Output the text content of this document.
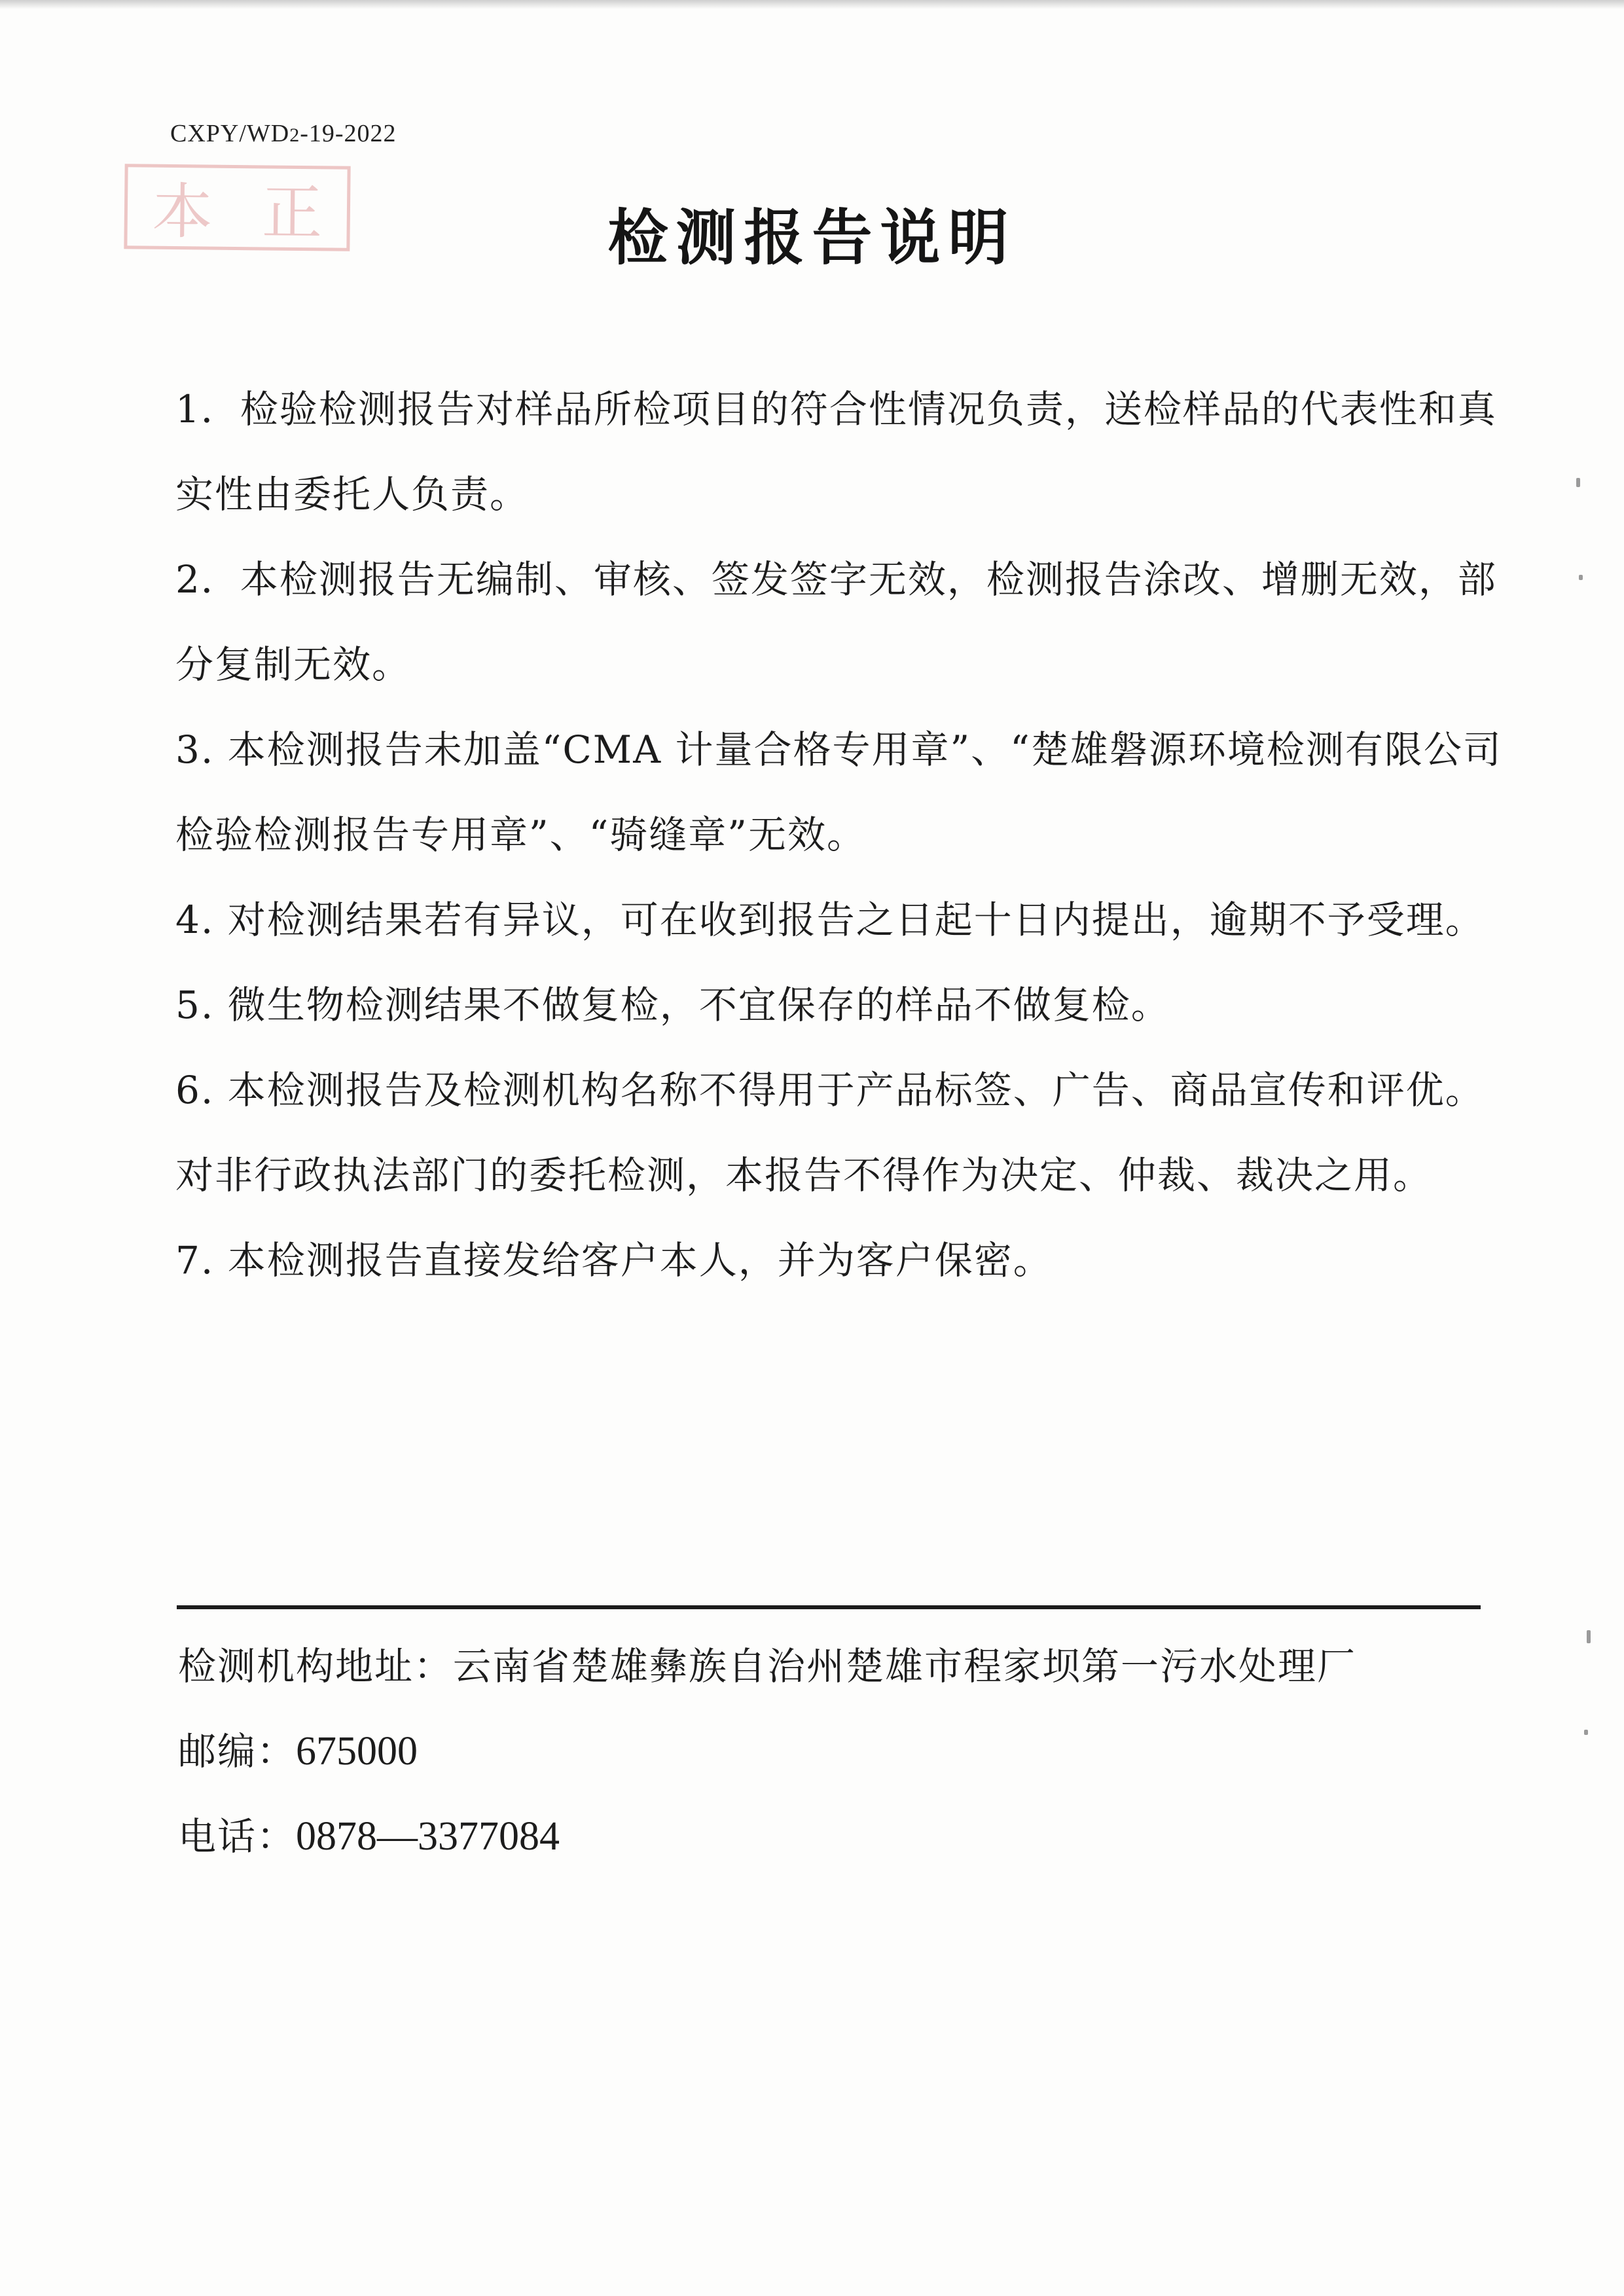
CXPY/WD2-19-2022
本 正	检测报告说明
1．检验检测报告对样品所检项目的符合性情况负责，送检样品的代表性和真实性由委托人负责。
2．本检测报告无编制、审核、签发签字无效，检测报告涂改、增删无效，部分复制无效。
3. 本检测报告未加盖“CMA 计量合格专用章”、“楚雄磐源环境检测有限公司检验检测报告专用章”、“骑缝章”无效。
4. 对检测结果若有异议，可在收到报告之日起十日内提出，逾期不予受理。
5. 微生物检测结果不做复检，不宜保存的样品不做复检。
6. 本检测报告及检测机构名称不得用于产品标签、广告、商品宣传和评优。对非行政执法部门的委托检测，本报告不得作为决定、仲裁、裁决之用。
7. 本检测报告直接发给客户本人，并为客户保密。
检测机构地址：云南省楚雄彝族自治州楚雄市程家坝第一污水处理厂
邮编：675000
电话：0878—3377084
